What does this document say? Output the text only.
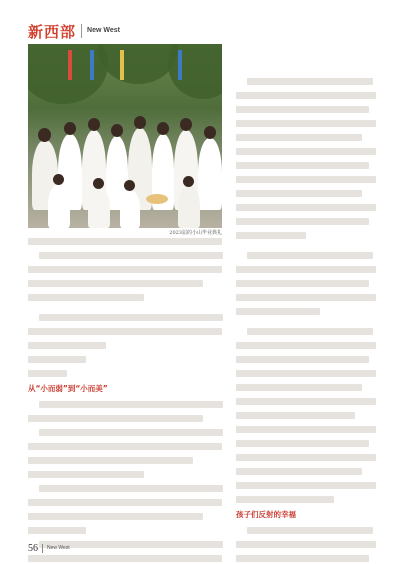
新西部 New West
2023届的小山毕业典礼
从“小而弱”到“小而美”
孩子们反射的幸福
56 New West
